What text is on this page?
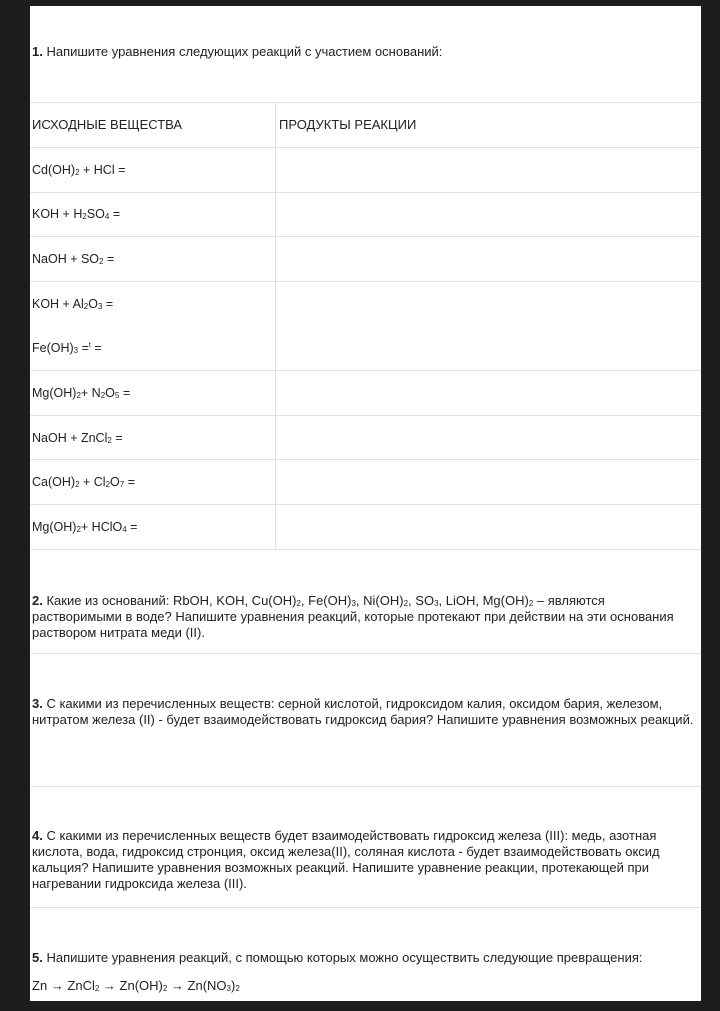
1. Напишите уравнения следующих реакций с участием оснований:
ИСХОДНЫЕ ВЕЩЕСТВА	ПРОДУКТЫ РЕАКЦИИ
$Cd(OH)_2$ + HCl =
KOH + $H_2SO_4$ =
NaOH + $SO_2$ =
KOH + $Al_2O_3$ =
$Fe(OH)_3 =^t$ =
$Mg(OH)_2+ N_2O_5$ =
NaOH + ZnCl$_2$ =
$Ca(OH)_2 + Cl_2O_7$ =
$Mg(OH)_2+$ HClO$_4$ =
2. Какие из оснований: RbOH, KOH, $Cu(OH)_2$, $Fe(OH)_3$, $Ni(OH)_2$, $SO_3$, LiOH, $Mg(OH)_2$ – являются растворимыми в воде? Напишите уравнения реакций, которые протекают при действии на эти основания раствором нитрата меди (II).
3. С какими из перечисленных веществ: серной кислотой, гидроксидом калия, оксидом бария, железом, нитратом железа (II) - будет взаимодействовать гидроксид бария? Напишите уравнения возможных реакций.
4. С какими из перечисленных веществ будет взаимодействовать гидроксид железа (III): медь, азотная кислота, вода, гидроксид стронция, оксид железа(II), соляная кислота - будет взаимодействовать оксид кальция? Напишите уравнения возможных реакций. Напишите уравнение реакции, протекающей при нагревании гидроксида железа (III).
5. Напишите уравнения реакций, с помощью которых можно осуществить следующие превращения:
Zn → ZnCl$_2$ → $Zn(OH)_2 \to Zn(NO_3)_2$
